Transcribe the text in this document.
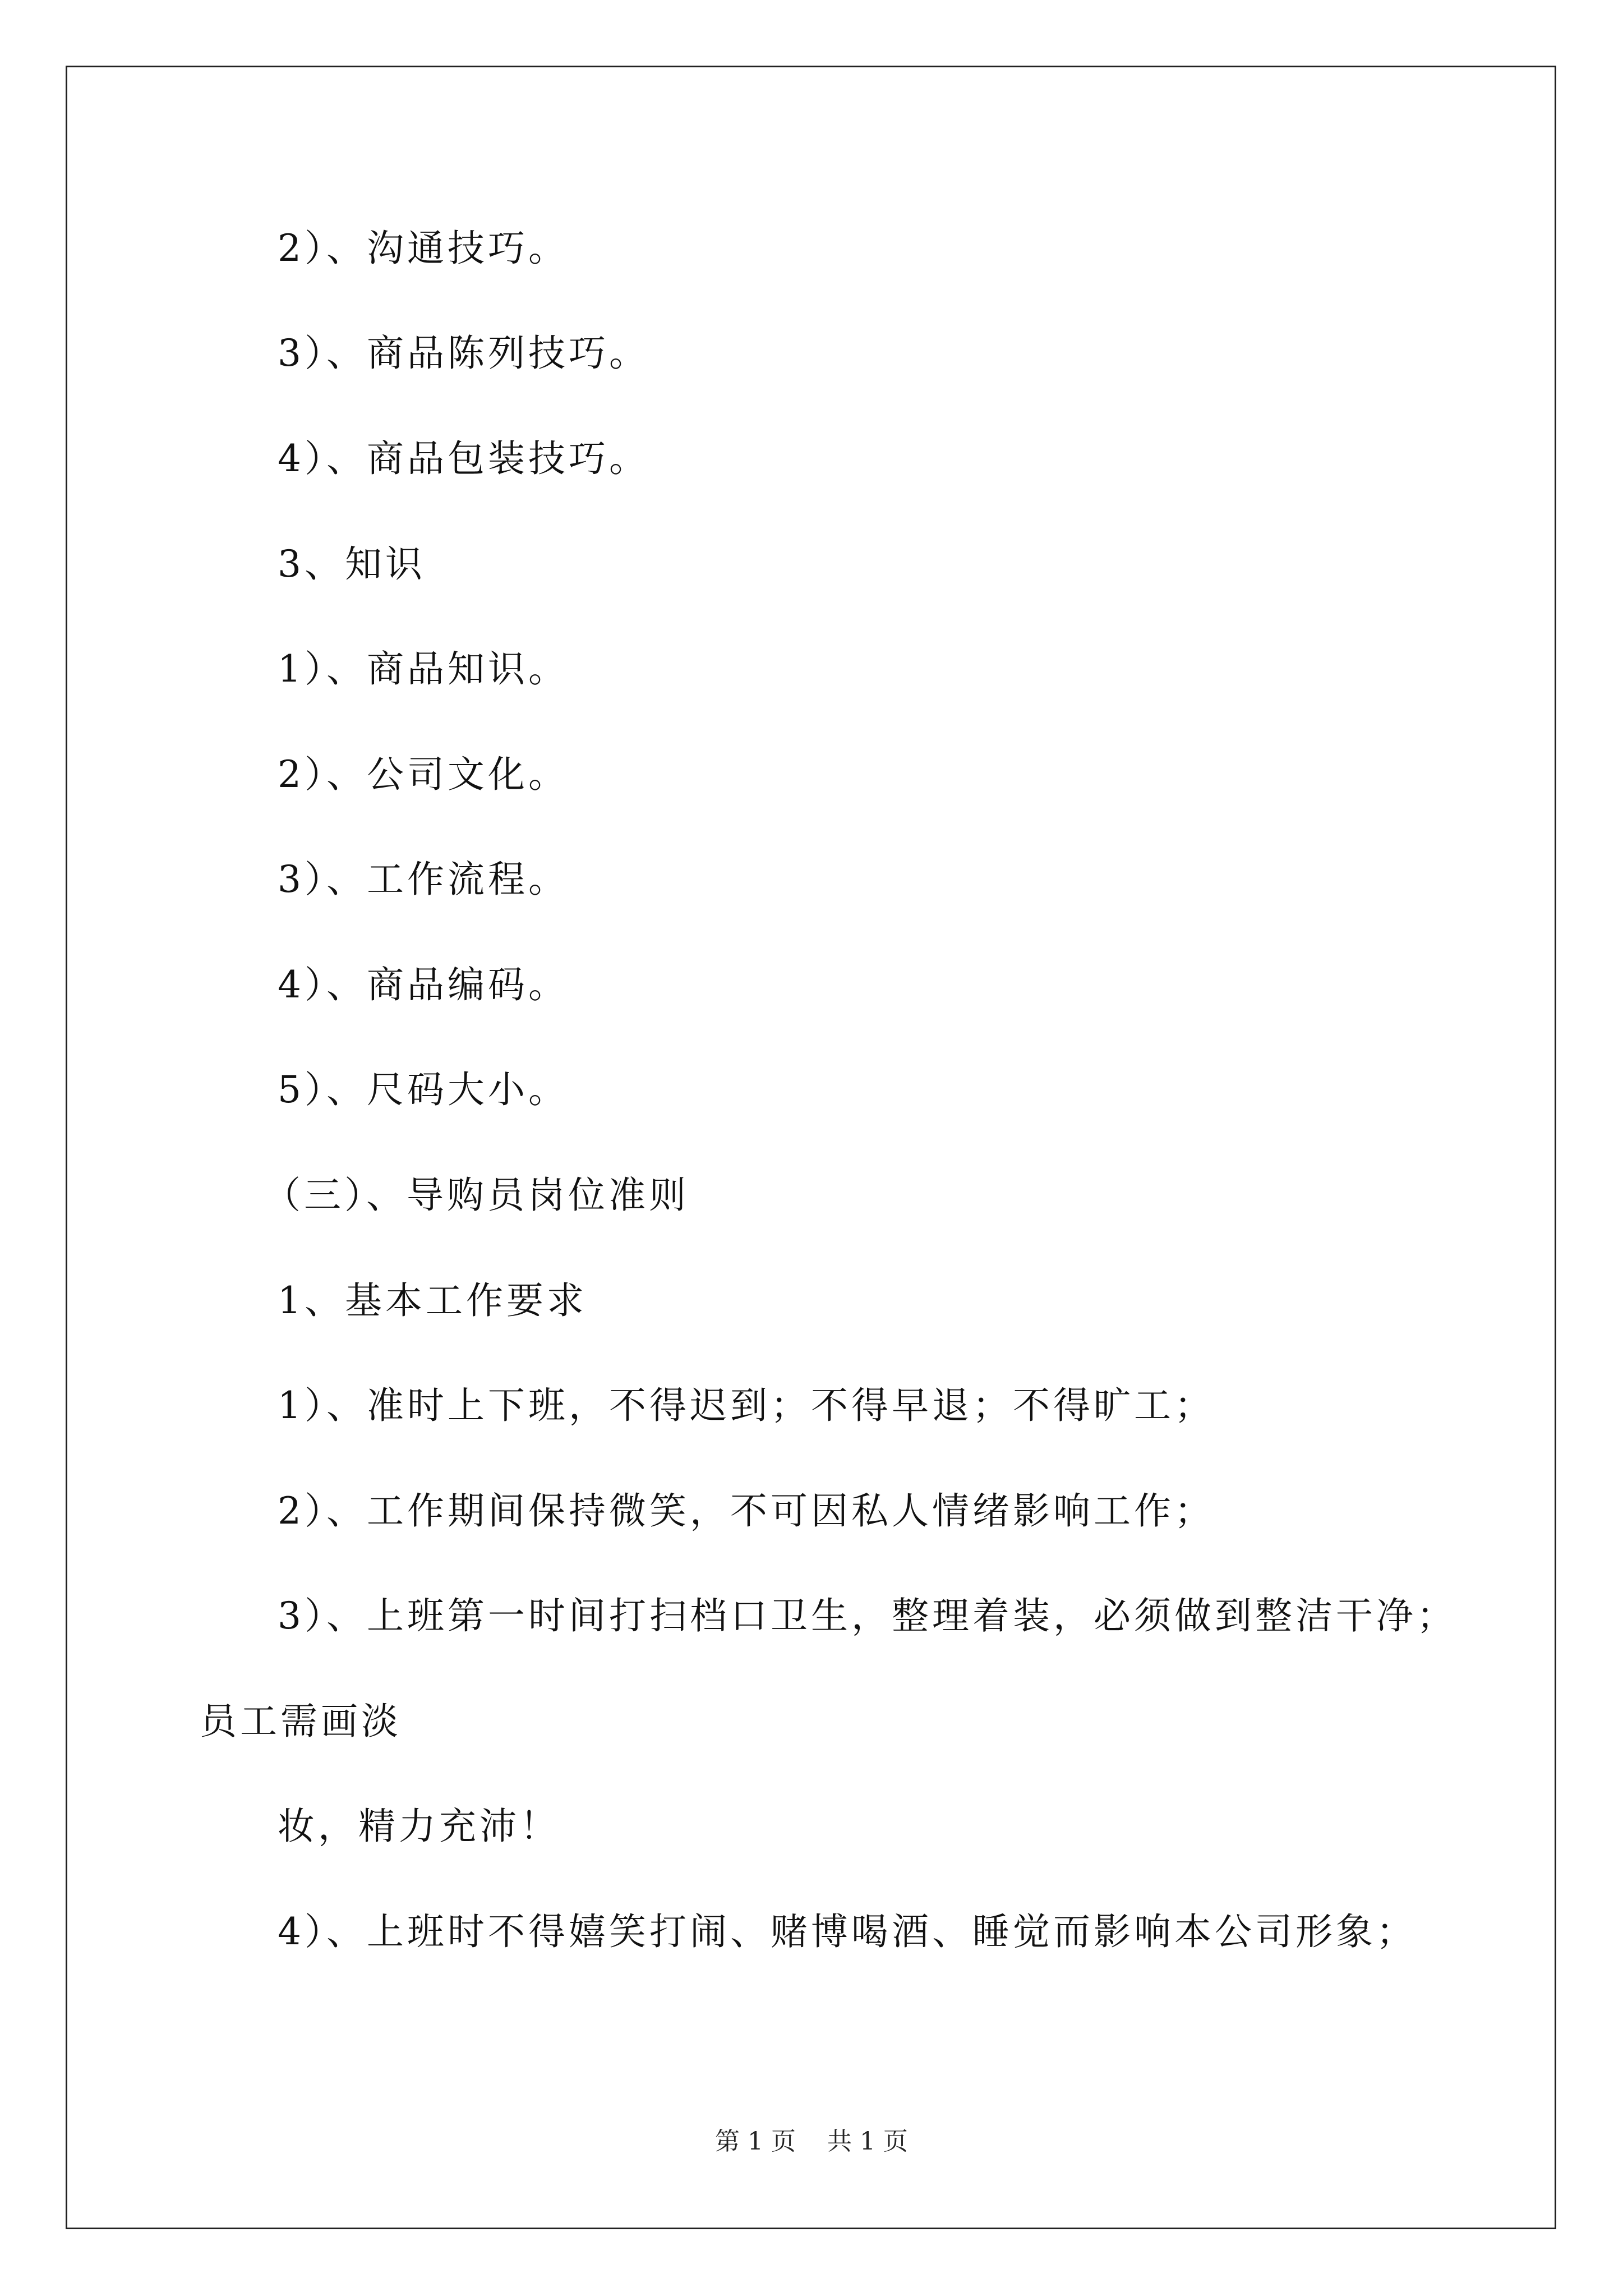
2）、沟通技巧。
3）、商品陈列技巧。
4）、商品包装技巧。
3、知识
1）、商品知识。
2）、公司文化。
3）、工作流程。
4）、商品编码。
5）、尺码大小。
（三）、导购员岗位准则
1、基本工作要求
1）、准时上下班，不得迟到；不得早退；不得旷工；
2）、工作期间保持微笑，不可因私人情绪影响工作；
3）、上班第一时间打扫档口卫生，整理着装，必须做到整洁干净；
员工需画淡
妆，精力充沛！
4）、上班时不得嬉笑打闹、赌博喝酒、睡觉而影响本公司形象；
第 1 页    共 1 页
